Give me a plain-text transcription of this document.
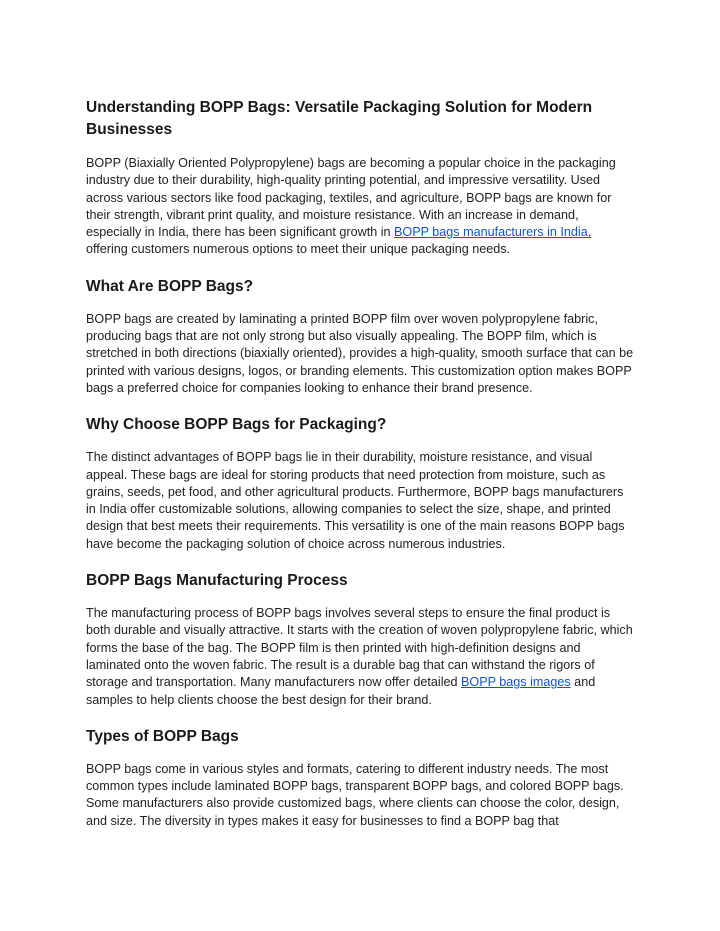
Understanding BOPP Bags: Versatile Packaging Solution for Modern Businesses

BOPP (Biaxially Oriented Polypropylene) bags are becoming a popular choice in the packaging industry due to their durability, high-quality printing potential, and impressive versatility. Used across various sectors like food packaging, textiles, and agriculture, BOPP bags are known for their strength, vibrant print quality, and moisture resistance. With an increase in demand, especially in India, there has been significant growth in BOPP bags manufacturers in India, offering customers numerous options to meet their unique packaging needs.

What Are BOPP Bags?

BOPP bags are created by laminating a printed BOPP film over woven polypropylene fabric, producing bags that are not only strong but also visually appealing. The BOPP film, which is stretched in both directions (biaxially oriented), provides a high-quality, smooth surface that can be printed with various designs, logos, or branding elements. This customization option makes BOPP bags a preferred choice for companies looking to enhance their brand presence.

Why Choose BOPP Bags for Packaging?

The distinct advantages of BOPP bags lie in their durability, moisture resistance, and visual appeal. These bags are ideal for storing products that need protection from moisture, such as grains, seeds, pet food, and other agricultural products. Furthermore, BOPP bags manufacturers in India offer customizable solutions, allowing companies to select the size, shape, and printed design that best meets their requirements. This versatility is one of the main reasons BOPP bags have become the packaging solution of choice across numerous industries.

BOPP Bags Manufacturing Process

The manufacturing process of BOPP bags involves several steps to ensure the final product is both durable and visually attractive. It starts with the creation of woven polypropylene fabric, which forms the base of the bag. The BOPP film is then printed with high-definition designs and laminated onto the woven fabric. The result is a durable bag that can withstand the rigors of storage and transportation. Many manufacturers now offer detailed BOPP bags images and samples to help clients choose the best design for their brand.

Types of BOPP Bags

BOPP bags come in various styles and formats, catering to different industry needs. The most common types include laminated BOPP bags, transparent BOPP bags, and colored BOPP bags. Some manufacturers also provide customized bags, where clients can choose the color, design, and size. The diversity in types makes it easy for businesses to find a BOPP bag that
